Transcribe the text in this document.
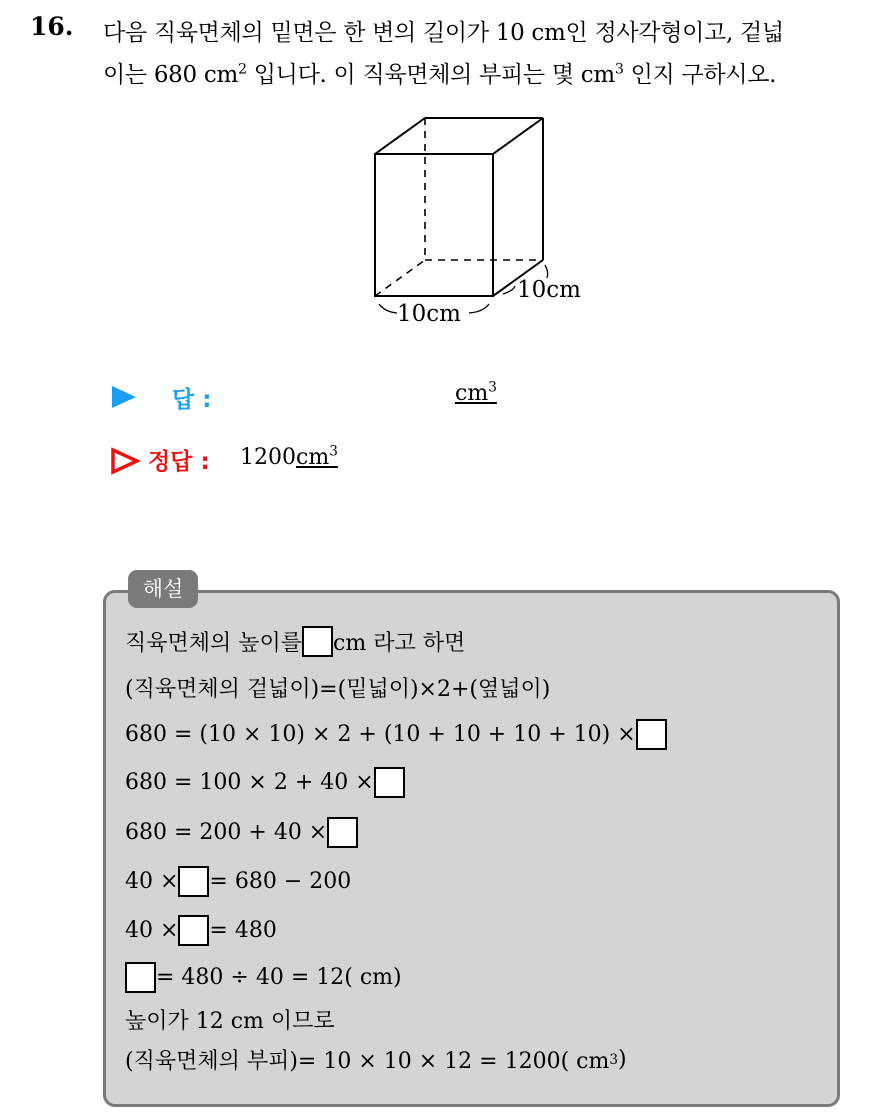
16. 다음 직육면체의 밑면은 한 변의 길이가 10 cm인 정사각형이고, 겉넓
이는 680 $cm^2$ 입니다. 이 직육면체의 부피는 몇 $cm^3$ 인지 구하시오.
10cm
10cm
답 :	$cm^3$
정답 : $1200cm^3$
해설
직육면체의 높이를 cm 라고 하면
(직육면체의 겉넓이)=(밑넓이)×2+(옆넓이)
680 = (10 × 10) × 2 + (10 + 10 + 10 + 10) ×
680 = 100 × 2 + 40 ×
680 = 200 + 40 ×
40 × = 680 − 200
40 × = 480
= 480 ÷ 40 = 12( cm)
높이가 12 cm 이므로
(직육면체의 부피)= 10 × 10 × 12 = 1200( cm 3 )
